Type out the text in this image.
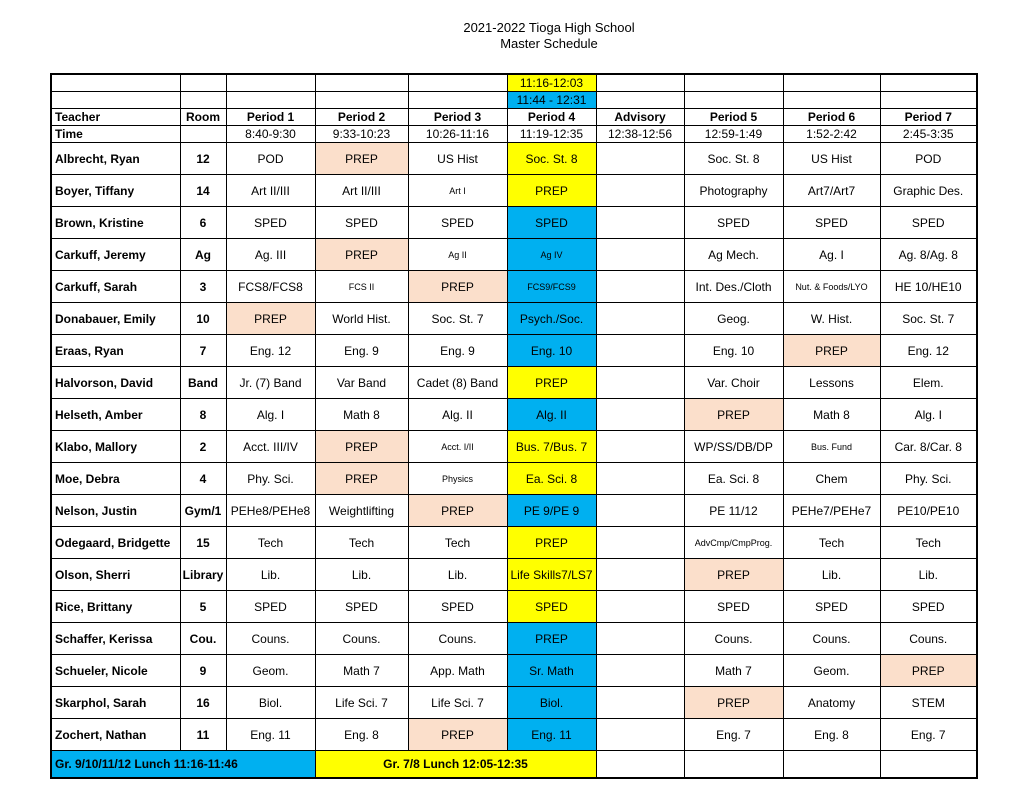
2021-2022 Tioga High School
Master Schedule
					11:16-12:03				
					11:44 - 12:31				
Teacher	Room	Period 1	Period 2	Period 3	Period 4	Advisory	Period 5	Period 6	Period 7
Time		8:40-9:30	9:33-10:23	10:26-11:16	11:19-12:35	12:38-12:56	12:59-1:49	1:52-2:42	2:45-3:35
Albrecht, Ryan	12	POD	PREP	US Hist	Soc. St. 8		Soc. St. 8	US Hist	POD
Boyer, Tiffany	14	Art II/III	Art II/III	Art I	PREP		Photography	Art7/Art7	Graphic Des.
Brown, Kristine	6	SPED	SPED	SPED	SPED		SPED	SPED	SPED
Carkuff, Jeremy	Ag	Ag. III	PREP	Ag II	Ag IV		Ag Mech.	Ag. I	Ag. 8/Ag. 8
Carkuff, Sarah	3	FCS8/FCS8	FCS II	PREP	FCS9/FCS9		Int. Des./Cloth	Nut. & Foods/LYO	HE 10/HE10
Donabauer, Emily	10	PREP	World Hist.	Soc. St. 7	Psych./Soc.		Geog.	W. Hist.	Soc. St. 7
Eraas, Ryan	7	Eng. 12	Eng. 9	Eng. 9	Eng. 10		Eng. 10	PREP	Eng. 12
Halvorson, David	Band	Jr. (7) Band	Var Band	Cadet (8) Band	PREP		Var. Choir	Lessons	Elem.
Helseth, Amber	8	Alg. I	Math 8	Alg. II	Alg. II		PREP	Math 8	Alg. I
Klabo, Mallory	2	Acct. III/IV	PREP	Acct. I/II	Bus. 7/Bus. 7		WP/SS/DB/DP	Bus. Fund	Car. 8/Car. 8
Moe, Debra	4	Phy. Sci.	PREP	Physics	Ea. Sci. 8		Ea. Sci. 8	Chem	Phy. Sci.
Nelson, Justin	Gym/1	PEHe8/PEHe8	Weightlifting	PREP	PE 9/PE 9		PE 11/12	PEHe7/PEHe7	PE10/PE10
Odegaard, Bridgette	15	Tech	Tech	Tech	PREP		AdvCmp/CmpProg.	Tech	Tech
Olson, Sherri	Library	Lib.	Lib.	Lib.	Life Skills7/LS7		PREP	Lib.	Lib.
Rice, Brittany	5	SPED	SPED	SPED	SPED		SPED	SPED	SPED
Schaffer, Kerissa	Cou.	Couns.	Couns.	Couns.	PREP		Couns.	Couns.	Couns.
Schueler, Nicole	9	Geom.	Math 7	App. Math	Sr. Math		Math 7	Geom.	PREP
Skarphol, Sarah	16	Biol.	Life Sci. 7	Life Sci. 7	Biol.		PREP	Anatomy	STEM
Zochert, Nathan	11	Eng. 11	Eng. 8	PREP	Eng. 11		Eng. 7	Eng. 8	Eng. 7
Gr. 9/10/11/12 Lunch 11:16-11:46			Gr. 7/8 Lunch 12:05-12:35						
